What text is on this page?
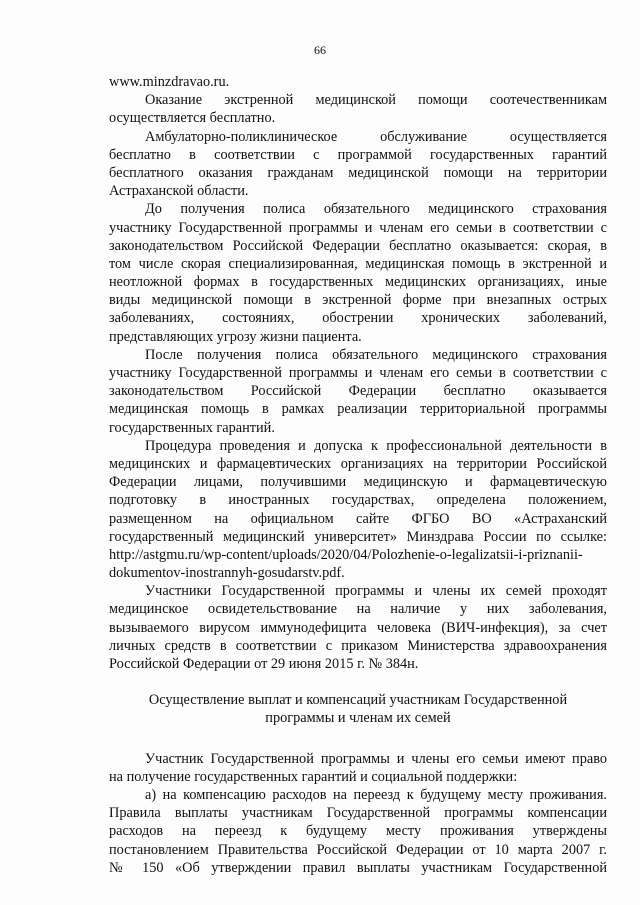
66
www.minzdravao.ru.
Оказание экстренной медицинской помощи соотечественникам
осуществляется бесплатно.
Амбулаторно-поликлиническое обслуживание осуществляется
бесплатно в соответствии с программой государственных гарантий
бесплатного оказания гражданам медицинской помощи на территории
Астраханской области.
До получения полиса обязательного медицинского страхования
участнику Государственной программы и членам его семьи в соответствии с
законодательством Российской Федерации бесплатно оказывается: скорая, в
том числе скорая специализированная, медицинская помощь в экстренной и
неотложной формах в государственных медицинских организациях, иные
виды медицинской помощи в экстренной форме при внезапных острых
заболеваниях, состояниях, обострении хронических заболеваний,
представляющих угрозу жизни пациента.
После получения полиса обязательного медицинского страхования
участнику Государственной программы и членам его семьи в соответствии с
законодательством Российской Федерации бесплатно оказывается
медицинская помощь в рамках реализации территориальной программы
государственных гарантий.
Процедура проведения и допуска к профессиональной деятельности в
медицинских и фармацевтических организациях на территории Российской
Федерации лицами, получившими медицинскую и фармацевтическую
подготовку в иностранных государствах, определена положением,
размещенном на официальном сайте ФГБО ВО «Астраханский
государственный медицинский университет» Минздрава России по ссылке:
http://astgmu.ru/wp-content/uploads/2020/04/Polozhenie-o-legalizatsii-i-priznanii-
dokumentov-inostrannyh-gosudarstv.pdf.
Участники Государственной программы и члены их семей проходят
медицинское освидетельствование на наличие у них заболевания,
вызываемого вирусом иммунодефицита человека (ВИЧ-инфекция), за счет
личных средств в соответствии с приказом Министерства здравоохранения
Российской Федерации от 29 июня 2015 г. № 384н.
Осуществление выплат и компенсаций участникам Государственной
программы и членам их семей
Участник Государственной программы и члены его семьи имеют право
на получение государственных гарантий и социальной поддержки:
а) на компенсацию расходов на переезд к будущему месту проживания.
Правила выплаты участникам Государственной программы компенсации
расходов на переезд к будущему месту проживания утверждены
постановлением Правительства Российской Федерации от 10 марта 2007 г.
№ 150 «Об утверждении правил выплаты участникам Государственной
